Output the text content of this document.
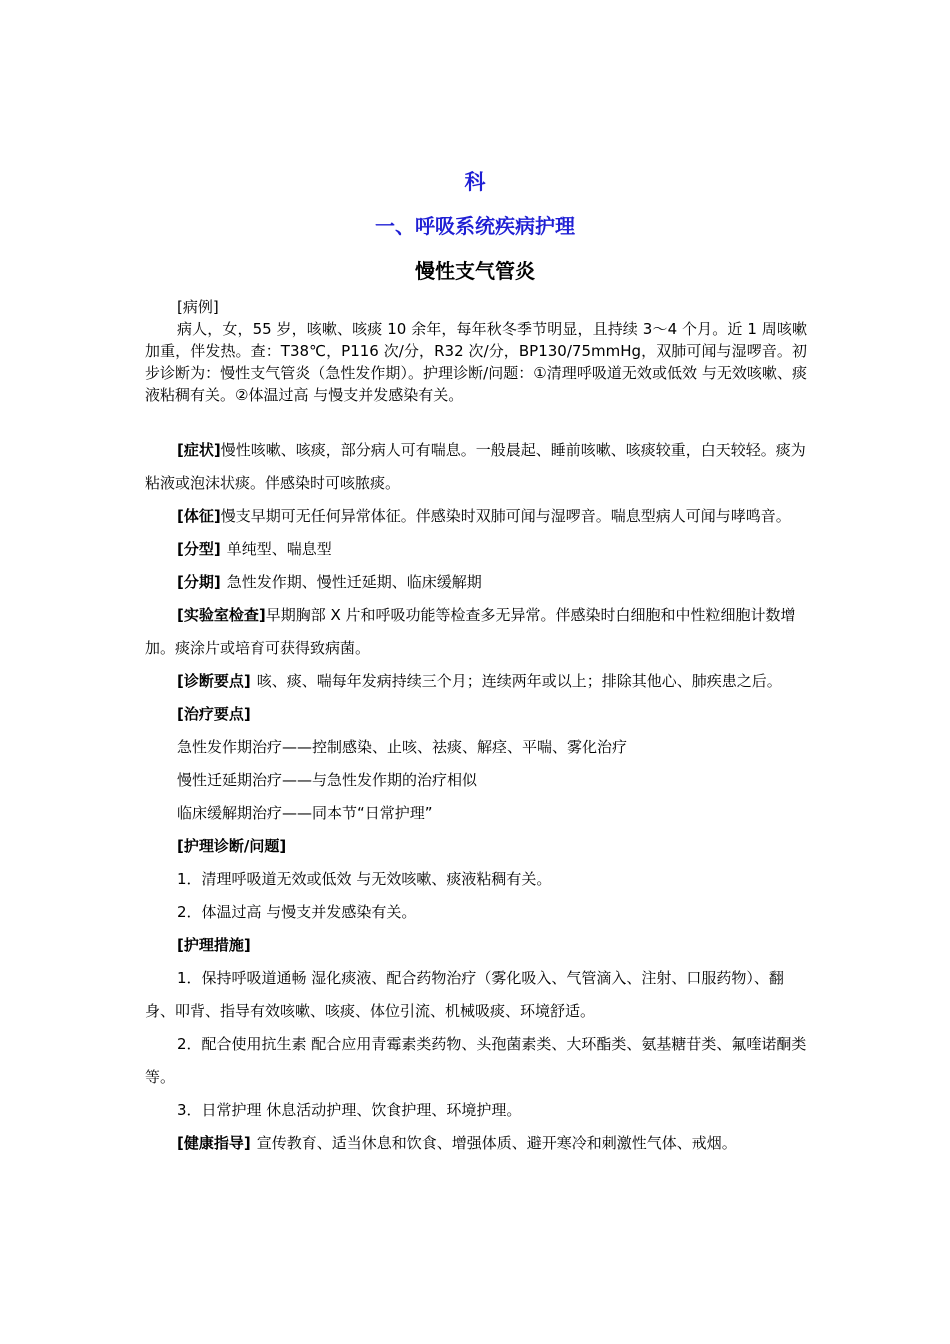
科
一、呼吸系统疾病护理
慢性支气管炎
[病例]
病人，女，55 岁，咳嗽、咳痰 10 余年，每年秋冬季节明显，且持续 3～4 个月。近 1 周咳嗽加重，伴发热。查：T38℃，P116 次/分，R32 次/分，BP130/75mmHg，双肺可闻与湿啰音。初步诊断为：慢性支气管炎（急性发作期）。护理诊断/问题：①清理呼吸道无效或低效 与无效咳嗽、痰液粘稠有关。②体温过高 与慢支并发感染有关。

[症状]慢性咳嗽、咳痰，部分病人可有喘息。一般晨起、睡前咳嗽、咳痰较重，白天较轻。痰为粘液或泡沫状痰。伴感染时可咳脓痰。

[体征]慢支早期可无任何异常体征。伴感染时双肺可闻与湿啰音。喘息型病人可闻与哮鸣音。

[分型] 单纯型、喘息型

[分期] 急性发作期、慢性迁延期、临床缓解期

[实验室检查]早期胸部 X 片和呼吸功能等检查多无异常。伴感染时白细胞和中性粒细胞计数增加。痰涂片或培育可获得致病菌。

[诊断要点] 咳、痰、喘每年发病持续三个月；连续两年或以上；排除其他心、肺疾患之后。

[治疗要点]

急性发作期治疗——控制感染、止咳、祛痰、解痉、平喘、雾化治疗

慢性迁延期治疗——与急性发作期的治疗相似

临床缓解期治疗——同本节“日常护理”

[护理诊断/问题]

1．清理呼吸道无效或低效 与无效咳嗽、痰液粘稠有关。

2．体温过高 与慢支并发感染有关。

[护理措施]

1．保持呼吸道通畅 湿化痰液、配合药物治疗（雾化吸入、气管滴入、注射、口服药物）、翻身、叩背、指导有效咳嗽、咳痰、体位引流、机械吸痰、环境舒适。

2．配合使用抗生素 配合应用青霉素类药物、头孢菌素类、大环酯类、氨基糖苷类、氟喹诺酮类等。

3．日常护理 休息活动护理、饮食护理、环境护理。

[健康指导] 宣传教育、适当休息和饮食、增强体质、避开寒冷和刺激性气体、戒烟。
